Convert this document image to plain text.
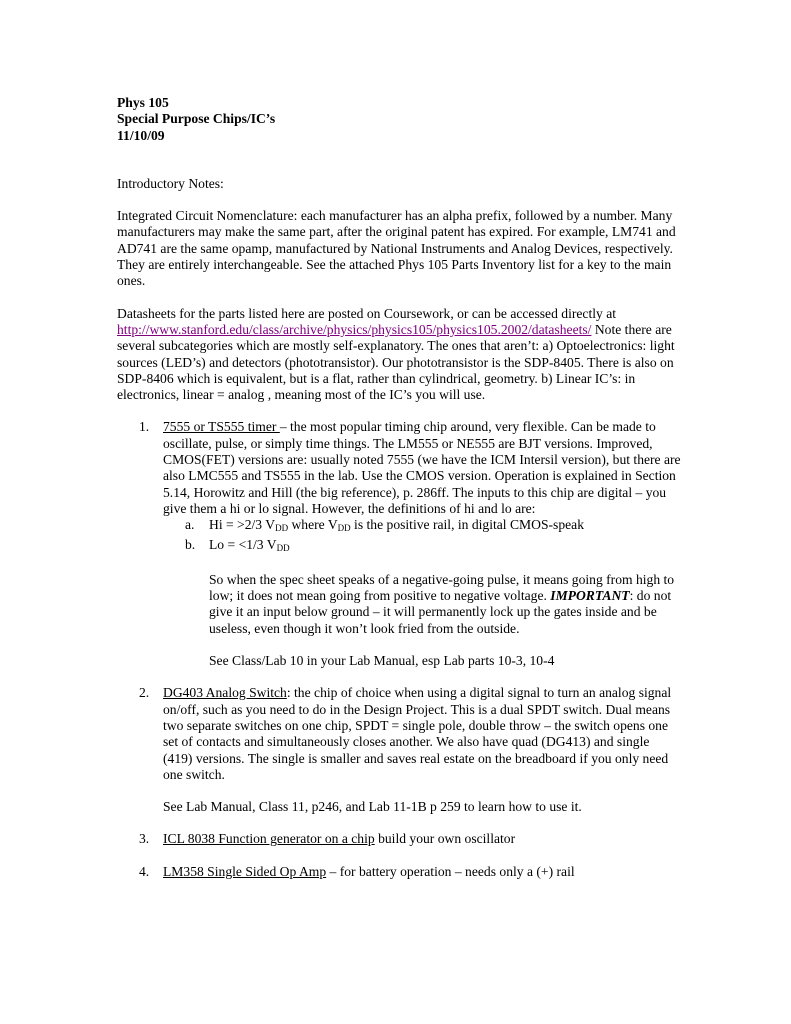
Phys 105
Special Purpose Chips/IC’s
11/10/09

Introductory Notes:

Integrated Circuit Nomenclature: each manufacturer has an alpha prefix, followed by a number. Many manufacturers may make the same part, after the original patent has expired. For example, LM741 and AD741 are the same opamp, manufactured by National Instruments and Analog Devices, respectively. They are entirely interchangeable. See the attached Phys 105 Parts Inventory list for a key to the main ones.

Datasheets for the parts listed here are posted on Coursework, or can be accessed directly at http://www.stanford.edu/class/archive/physics/physics105/physics105.2002/datasheets/ Note there are several subcategories which are mostly self-explanatory. The ones that aren’t: a) Optoelectronics: light sources (LED’s) and detectors (phototransistor). Our phototransistor is the SDP-8405. There is also on SDP-8406 which is equivalent, but is a flat, rather than cylindrical, geometry. b) Linear IC’s: in electronics, linear = analog , meaning most of the IC’s you will use.

1. 7555 or TS555 timer – the most popular timing chip around, very flexible. Can be made to oscillate, pulse, or simply time things. The LM555 or NE555 are BJT versions. Improved, CMOS(FET) versions are: usually noted 7555 (we have the ICM Intersil version), but there are also LMC555 and TS555 in the lab. Use the CMOS version. Operation is explained in Section 5.14, Horowitz and Hill (the big reference), p. 286ff. The inputs to this chip are digital – you give them a hi or lo signal. However, the definitions of hi and lo are:
a. Hi = >2/3 $V_{DD}$ where $V_{DD}$ is the positive rail, in digital CMOS-speak
b. Lo = <1/3 $V_{DD}$
So when the spec sheet speaks of a negative-going pulse, it means going from high to low; it does not mean going from positive to negative voltage. IMPORTANT: do not give it an input below ground – it will permanently lock up the gates inside and be useless, even though it won’t look fried from the outside.
See Class/Lab 10 in your Lab Manual, esp Lab parts 10-3, 10-4
2. DG403 Analog Switch: the chip of choice when using a digital signal to turn an analog signal on/off, such as you need to do in the Design Project. This is a dual SPDT switch. Dual means two separate switches on one chip, SPDT = single pole, double throw – the switch opens one set of contacts and simultaneously closes another. We also have quad (DG413) and single (419) versions. The single is smaller and saves real estate on the breadboard if you only need one switch.
See Lab Manual, Class 11, p246, and Lab 11-1B p 259 to learn how to use it.
3. ICL 8038 Function generator on a chip build your own oscillator
4. LM358 Single Sided Op Amp – for battery operation – needs only a (+) rail
